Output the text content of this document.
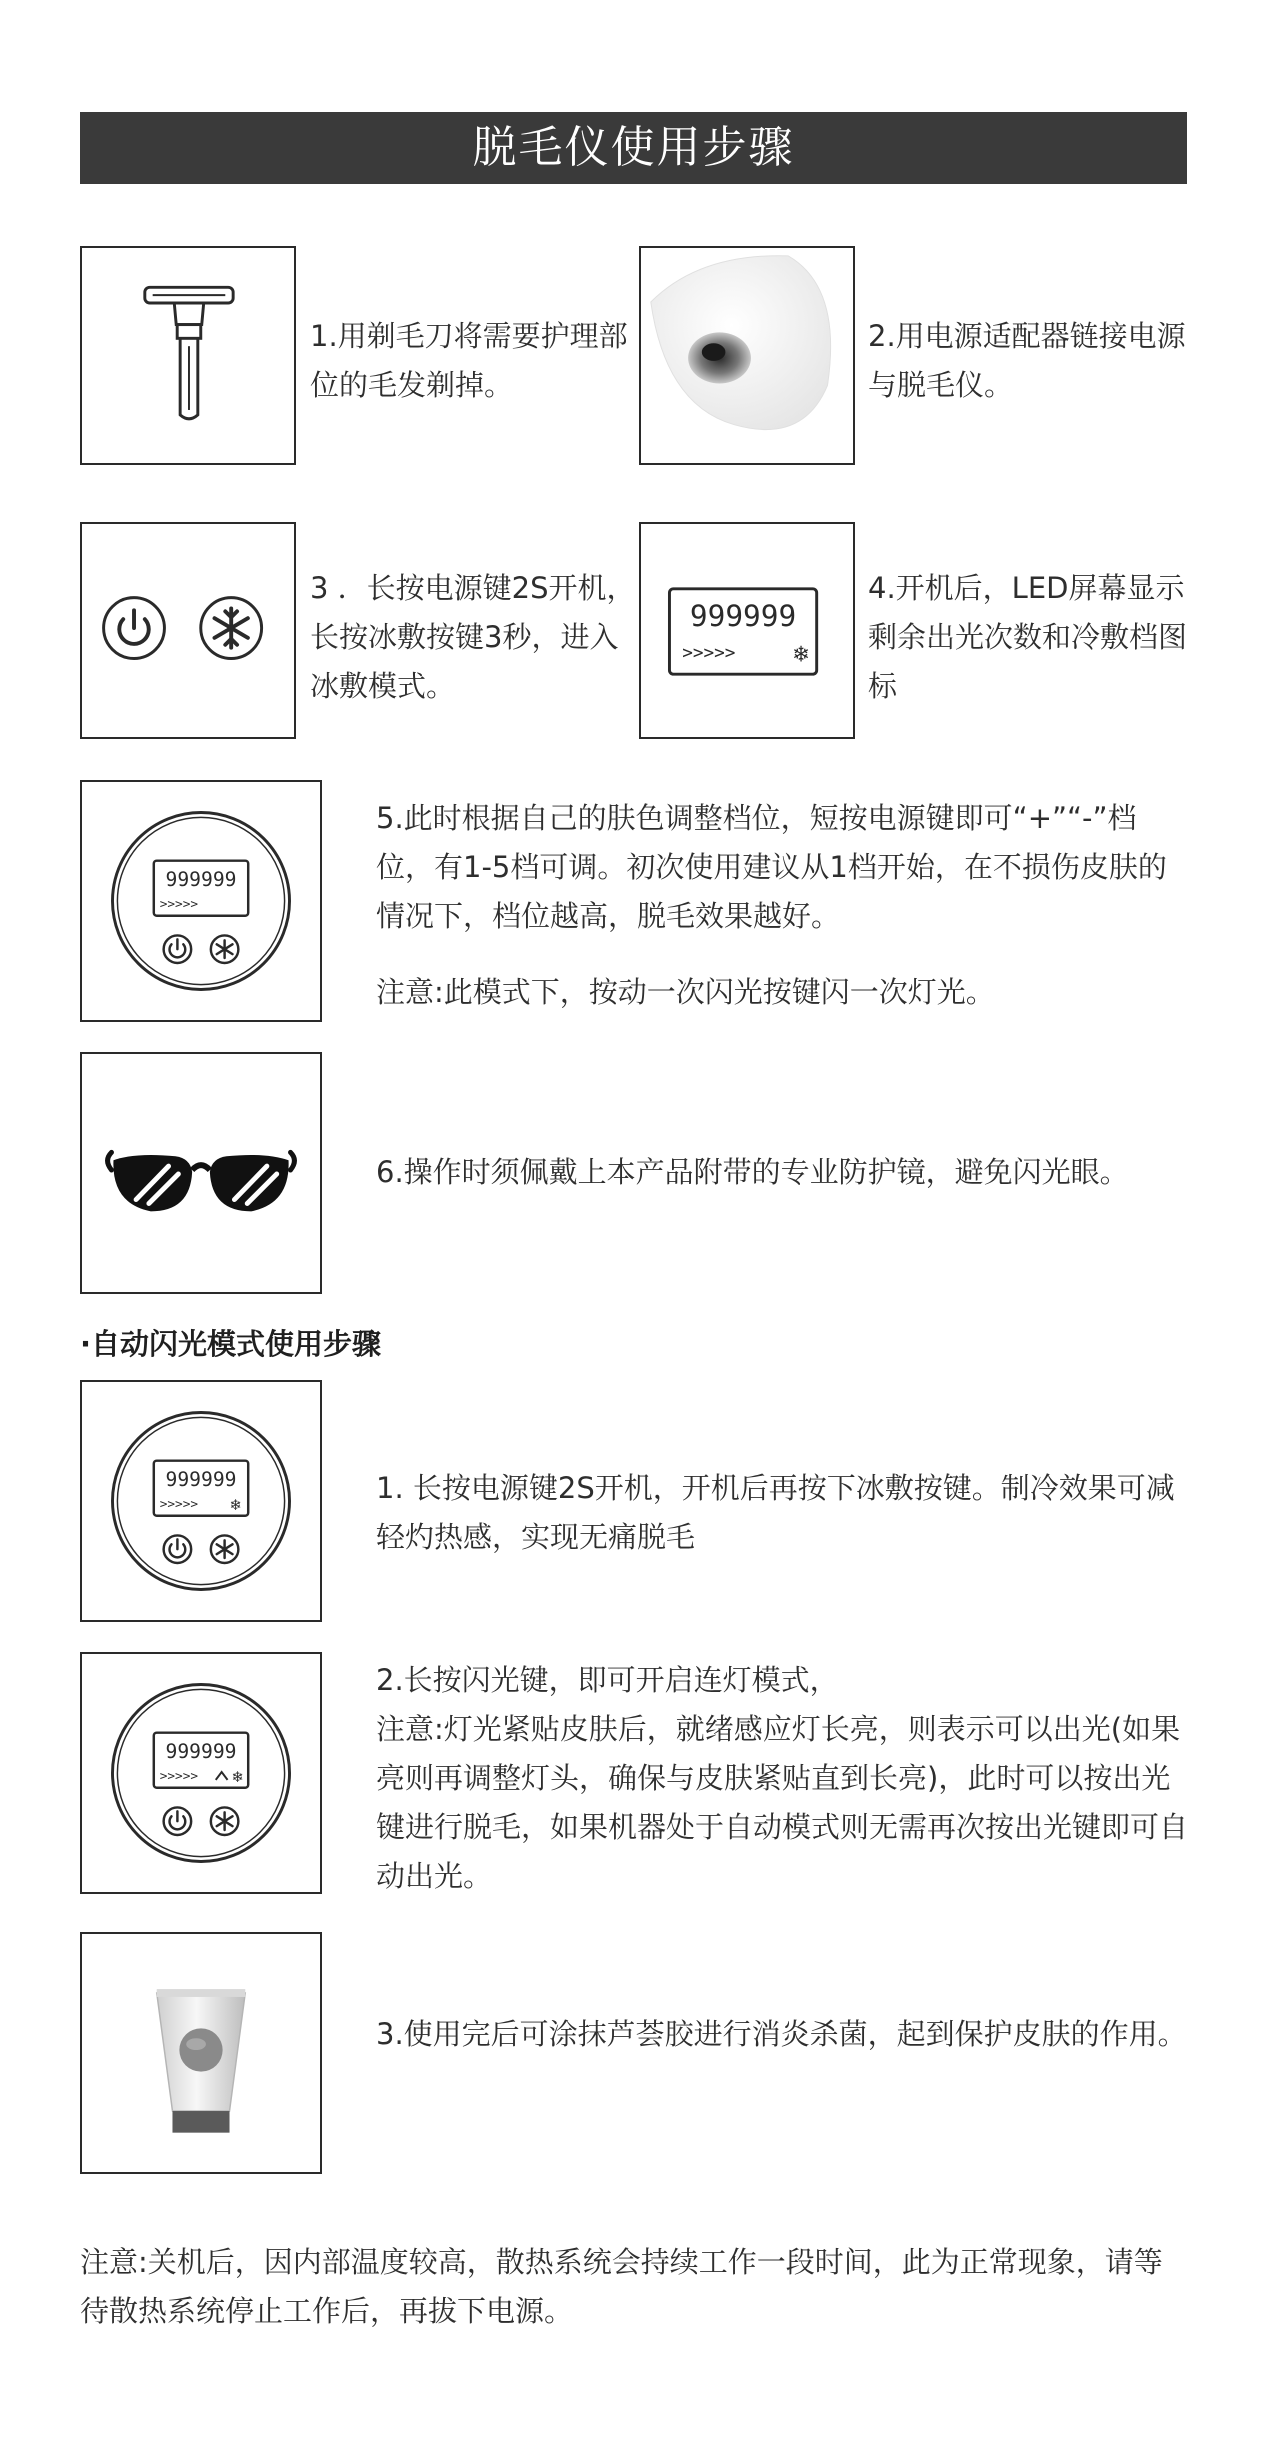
脱毛仪使用步骤
1.用剃毛刀将需要护理部位的毛发剃掉。
2.用电源适配器链接电源与脱毛仪。
3 ．长按电源键2S开机，长按冰敷按键3秒，进入冰敷模式。
999999
>>>>>	❄
4.开机后，LED屏幕显示剩余出光次数和冷敷档图标
999999
>>>>>

5.此时根据自己的肤色调整档位，短按电源键即可“+”“-”档位，有1-5档可调。初次使用建议从1档开始，在不损伤皮肤的情况下，档位越高，脱毛效果越好。

注意:此模式下，按动一次闪光按键闪一次灯光。

6.操作时须佩戴上本产品附带的专业防护镜，避免闪光眼。
·自动闪光模式使用步骤
999999
>>>>> ❄
1. 长按电源键2S开机，开机后再按下冰敷按键。制冷效果可减轻灼热感，实现无痛脱毛
999999
>>>>> ❄

2.长按闪光键，即可开启连灯模式，

注意:灯光紧贴皮肤后，就绪感应灯长亮，则表示可以出光(如果亮则再调整灯头，确保与皮肤紧贴直到长亮)，此时可以按出光键进行脱毛，如果机器处于自动模式则无需再次按出光键即可自动出光。

3.使用完后可涂抹芦荟胶进行消炎杀菌，起到保护皮肤的作用。
注意:关机后，因内部温度较高，散热系统会持续工作一段时间，此为正常现象，请等待散热系统停止工作后，再拔下电源。
